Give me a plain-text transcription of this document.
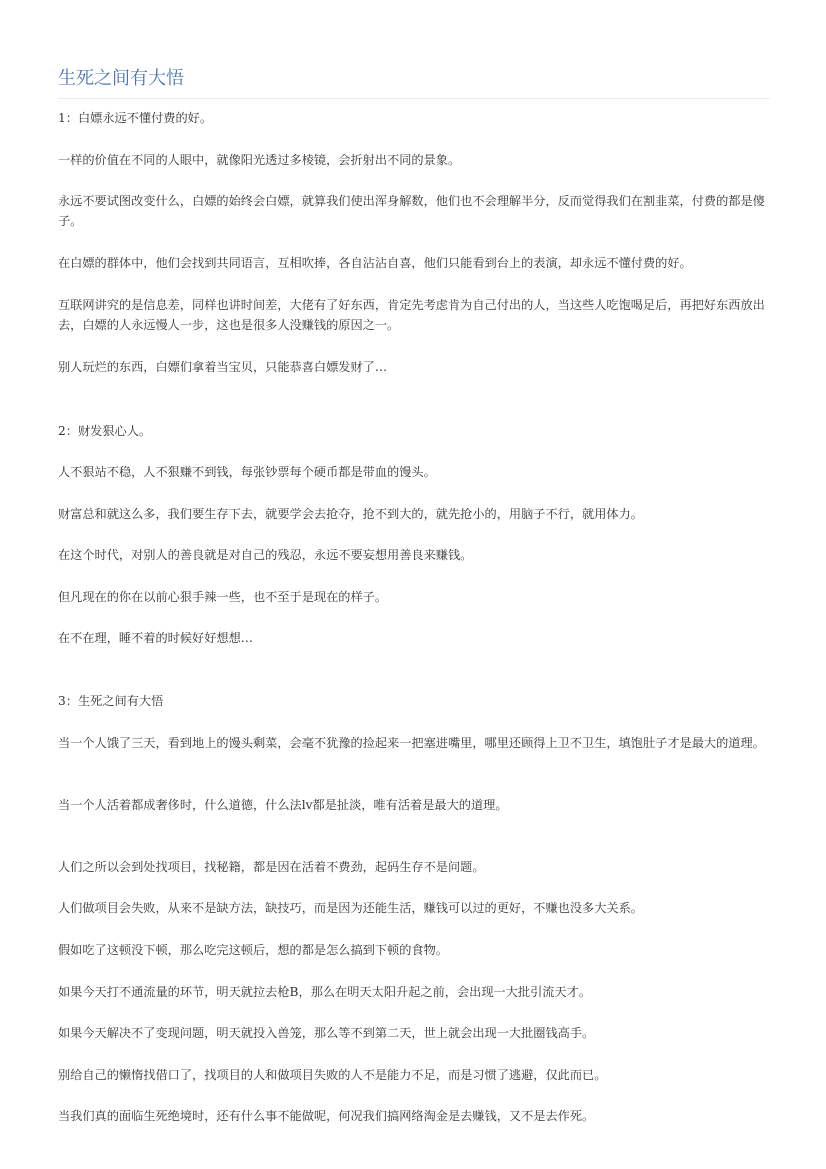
生死之间有大悟

1：白嫖永远不懂付费的好。

一样的价值在不同的人眼中，就像阳光透过多棱镜，会折射出不同的景象。

永远不要试图改变什么，白嫖的始终会白嫖，就算我们使出浑身解数，他们也不会理解半分，反而觉得我们在割韭菜，付费的都是傻子。

在白嫖的群体中，他们会找到共同语言，互相吹捧，各自沾沾自喜，他们只能看到台上的表演，却永远不懂付费的好。

互联网讲究的是信息差，同样也讲时间差，大佬有了好东西，肯定先考虑肯为自己付出的人，当这些人吃饱喝足后，再把好东西放出去，白嫖的人永远慢人一步，这也是很多人没赚钱的原因之一。

别人玩烂的东西，白嫖们拿着当宝贝，只能恭喜白嫖发财了…

2：财发狠心人。

人不狠站不稳，人不狠赚不到钱，每张钞票每个硬币都是带血的馒头。

财富总和就这么多，我们要生存下去，就要学会去抢夺，抢不到大的，就先抢小的，用脑子不行，就用体力。

在这个时代，对别人的善良就是对自己的残忍，永远不要妄想用善良来赚钱。

但凡现在的你在以前心狠手辣一些，也不至于是现在的样子。

在不在理，睡不着的时候好好想想…

3：生死之间有大悟

当一个人饿了三天，看到地上的馒头剩菜，会毫不犹豫的捡起来一把塞进嘴里，哪里还顾得上卫不卫生，填饱肚子才是最大的道理。

当一个人活着都成奢侈时，什么道德，什么法lv都是扯淡，唯有活着是最大的道理。

人们之所以会到处找项目，找秘籍，都是因在活着不费劲，起码生存不是问题。

人们做项目会失败，从来不是缺方法，缺技巧，而是因为还能生活，赚钱可以过的更好，不赚也没多大关系。

假如吃了这顿没下顿，那么吃完这顿后，想的都是怎么搞到下顿的食物。

如果今天打不通流量的环节，明天就拉去枪B，那么在明天太阳升起之前，会出现一大批引流天才。

如果今天解决不了变现问题，明天就投入兽笼，那么等不到第二天，世上就会出现一大批圈钱高手。

别给自己的懒惰找借口了，找项目的人和做项目失败的人不是能力不足，而是习惯了逃避，仅此而已。

当我们真的面临生死绝境时，还有什么事不能做呢，何况我们搞网络淘金是去赚钱，又不是去作死。
